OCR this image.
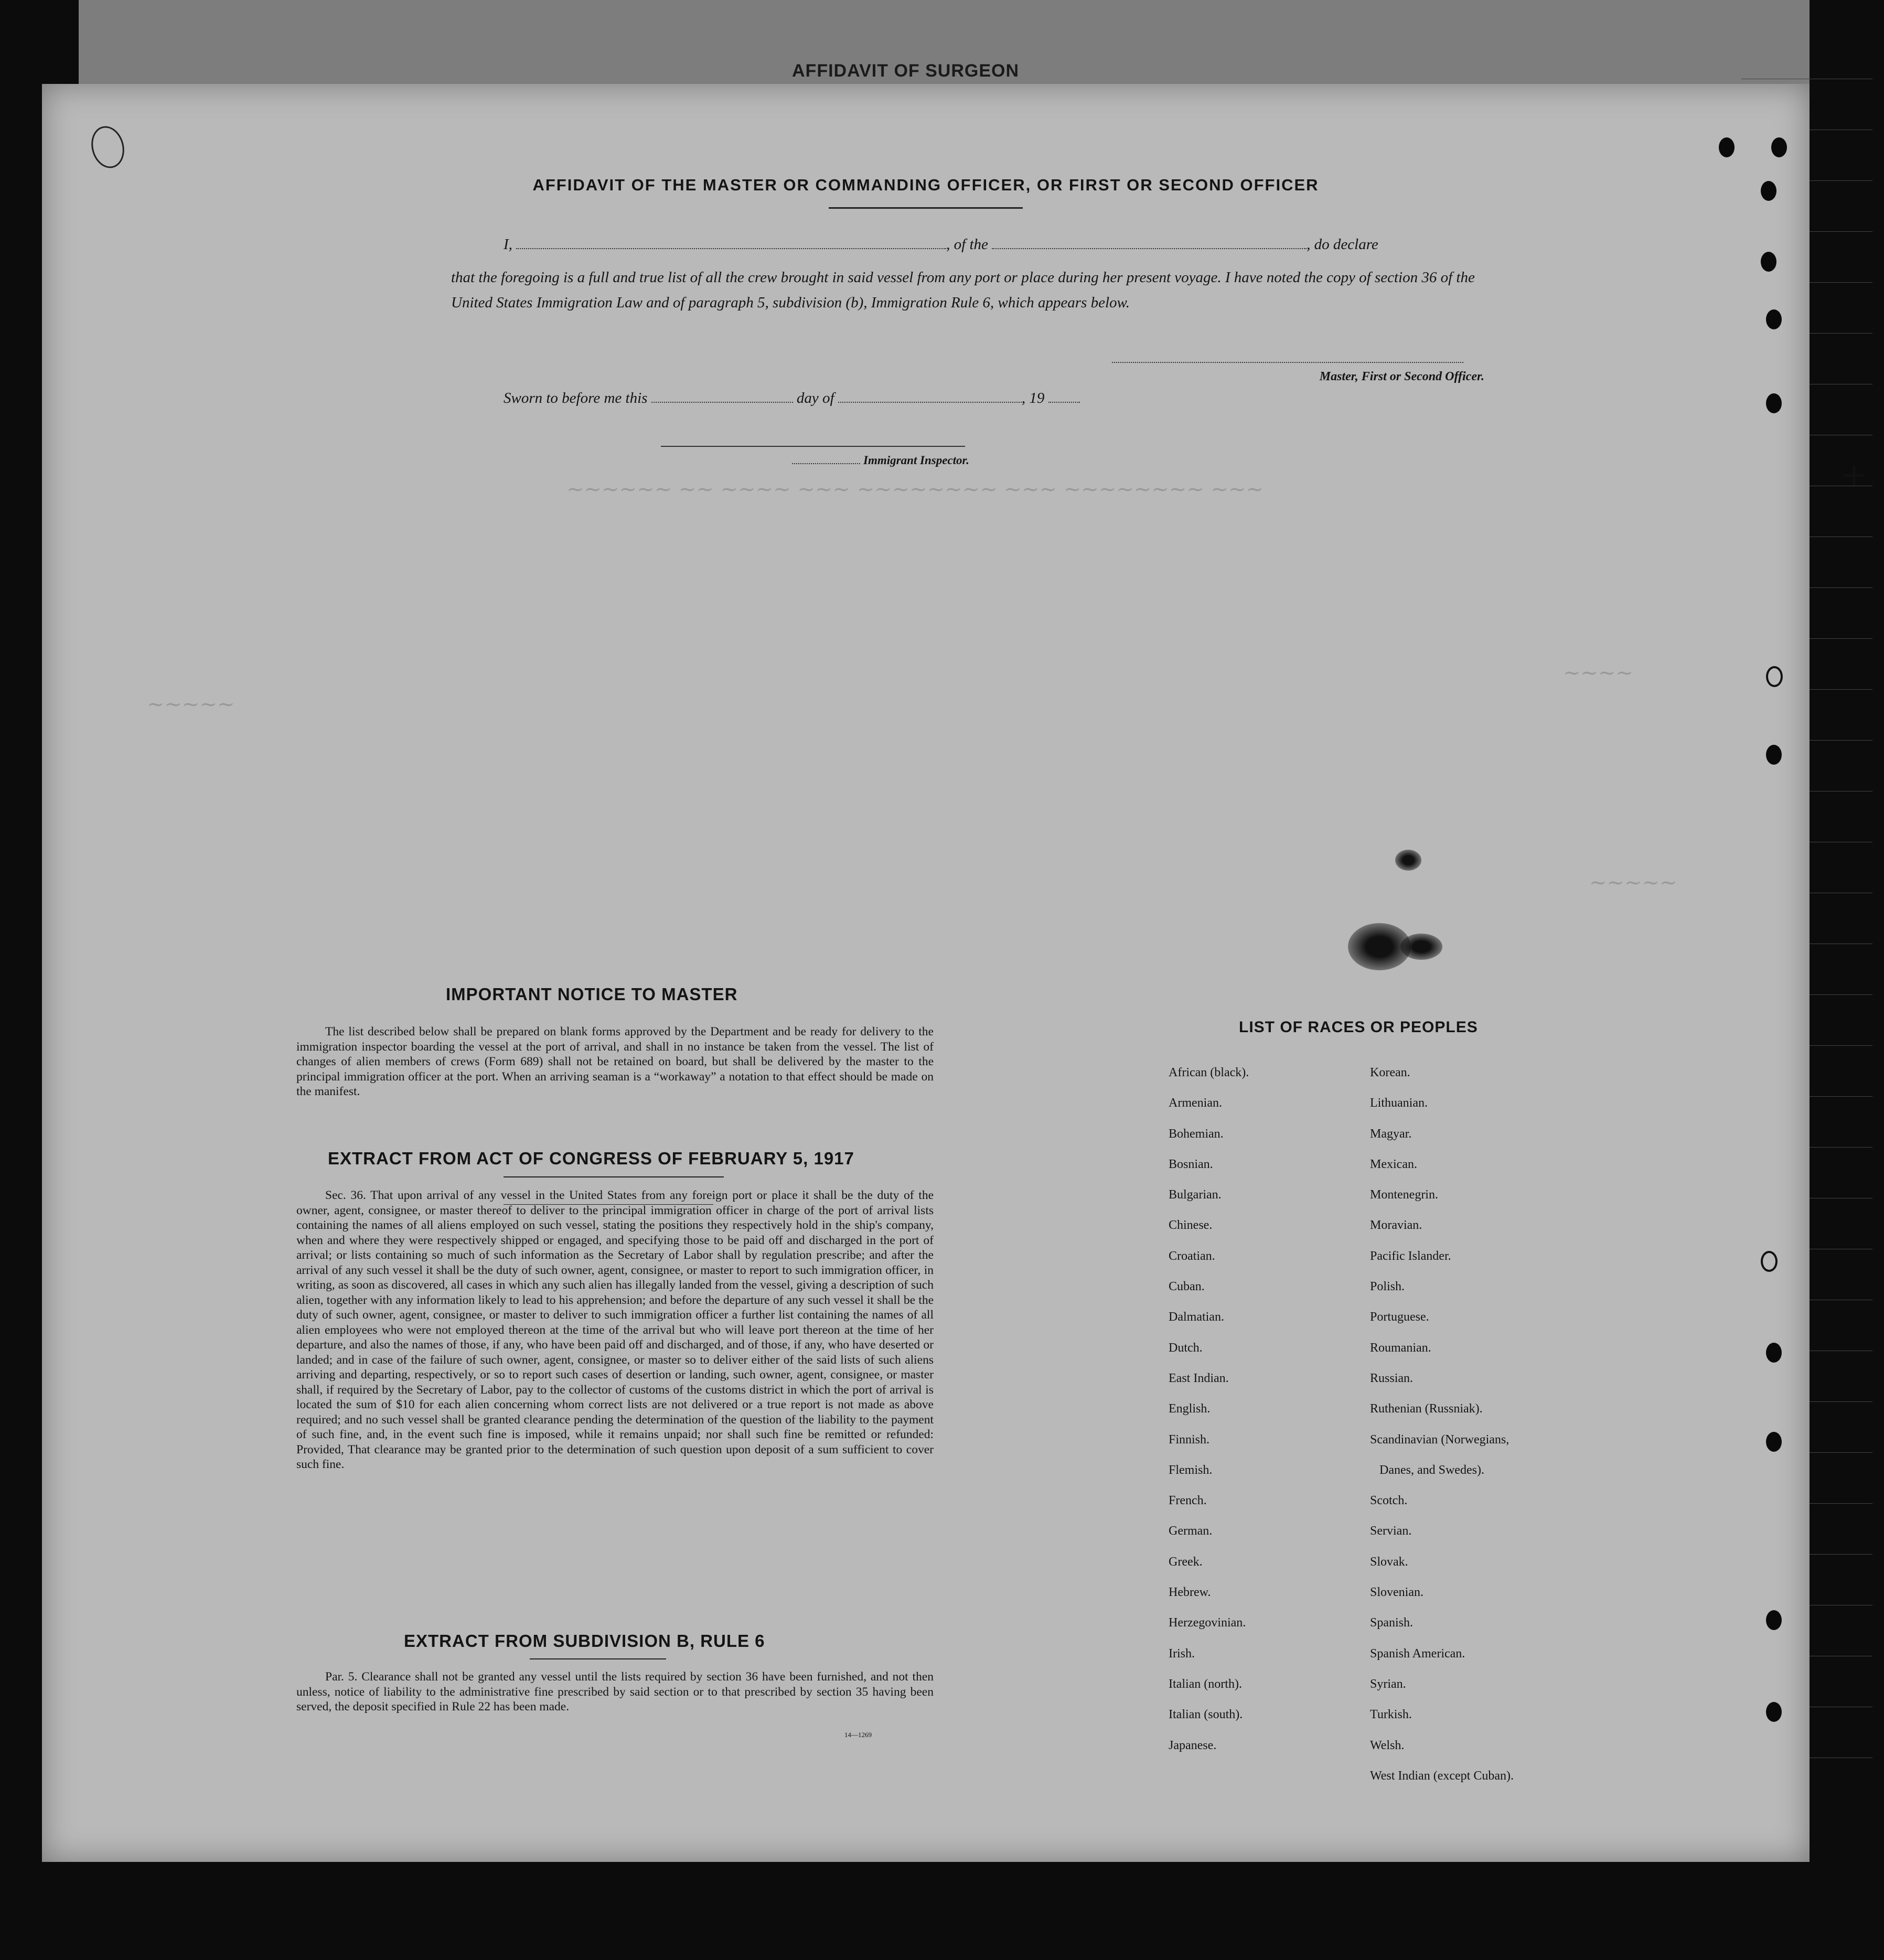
AFFIDAVIT OF SURGEON
~~~~~~ ~~ ~~~~ ~~~ ~~~~~~~~ ~~~ ~~~~~~~~ ~~~
~~~~~
~~~~
~~~~~
AFFIDAVIT OF THE MASTER OR COMMANDING OFFICER, OR FIRST OR SECOND OFFICER
I,	, of the	, do declare
that the foregoing is a full and true list of all the crew brought in said vessel from any port or place during her present voyage. I have noted the copy of section 36 of the United States Immigration Law and of paragraph 5, subdivision (b), Immigration Rule 6, which appears below.
Master, First or Second Officer.
Sworn to before me this	day of	, 19
Immigrant Inspector.
IMPORTANT NOTICE TO MASTER
The list described below shall be prepared on blank forms approved by the Department and be ready for delivery to the immigration inspector boarding the vessel at the port of arrival, and shall in no instance be taken from the vessel. The list of changes of alien members of crews (Form 689) shall not be retained on board, but shall be delivered by the master to the principal immigration officer at the port. When an arriving seaman is a “workaway” a notation to that effect should be made on the manifest.
EXTRACT FROM ACT OF CONGRESS OF FEBRUARY 5, 1917
Sec. 36. That upon arrival of any vessel in the United States from any foreign port or place it shall be the duty of the owner, agent, consignee, or master thereof to deliver to the principal immigration officer in charge of the port of arrival lists containing the names of all aliens employed on such vessel, stating the positions they respectively hold in the ship's company, when and where they were respectively shipped or engaged, and specifying those to be paid off and discharged in the port of arrival; or lists containing so much of such information as the Secretary of Labor shall by regulation prescribe; and after the arrival of any such vessel it shall be the duty of such owner, agent, consignee, or master to report to such immigration officer, in writing, as soon as discovered, all cases in which any such alien has illegally landed from the vessel, giving a description of such alien, together with any information likely to lead to his apprehension; and before the departure of any such vessel it shall be the duty of such owner, agent, consignee, or master to deliver to such immigration officer a further list containing the names of all alien employees who were not employed thereon at the time of the arrival but who will leave port thereon at the time of her departure, and also the names of those, if any, who have been paid off and discharged, and of those, if any, who have deserted or landed; and in case of the failure of such owner, agent, consignee, or master so to deliver either of the said lists of such aliens arriving and departing, respectively, or so to report such cases of desertion or landing, such owner, agent, consignee, or master shall, if required by the Secretary of Labor, pay to the collector of customs of the customs district in which the port of arrival is located the sum of $10 for each alien concerning whom correct lists are not delivered or a true report is not made as above required; and no such vessel shall be granted clearance pending the determination of the question of the liability to the payment of such fine, and, in the event such fine is imposed, while it remains unpaid; nor shall such fine be remitted or refunded: Provided, That clearance may be granted prior to the determination of such question upon deposit of a sum sufficient to cover such fine.
EXTRACT FROM SUBDIVISION B, RULE 6
Par. 5. Clearance shall not be granted any vessel until the lists required by section 36 have been furnished, and not then unless, notice of liability to the administrative fine prescribed by said section or to that prescribed by section 35 having been served, the deposit specified in Rule 22 has been made.
14—1269
LIST OF RACES OR PEOPLES
African (black).
Armenian.
Bohemian.
Bosnian.
Bulgarian.
Chinese.
Croatian.
Cuban.
Dalmatian.
Dutch.
East Indian.
English.
Finnish.
Flemish.
French.
German.
Greek.
Hebrew.
Herzegovinian.
Irish.
Italian (north).
Italian (south).
Japanese.
Korean.
Lithuanian.
Magyar.
Mexican.
Montenegrin.
Moravian.
Pacific Islander.
Polish.
Portuguese.
Roumanian.
Russian.
Ruthenian (Russniak).
Scandinavian (Norwegians,
Danes, and Swedes).
Scotch.
Servian.
Slovak.
Slovenian.
Spanish.
Spanish American.
Syrian.
Turkish.
Welsh.
West Indian (except Cuban).
+
